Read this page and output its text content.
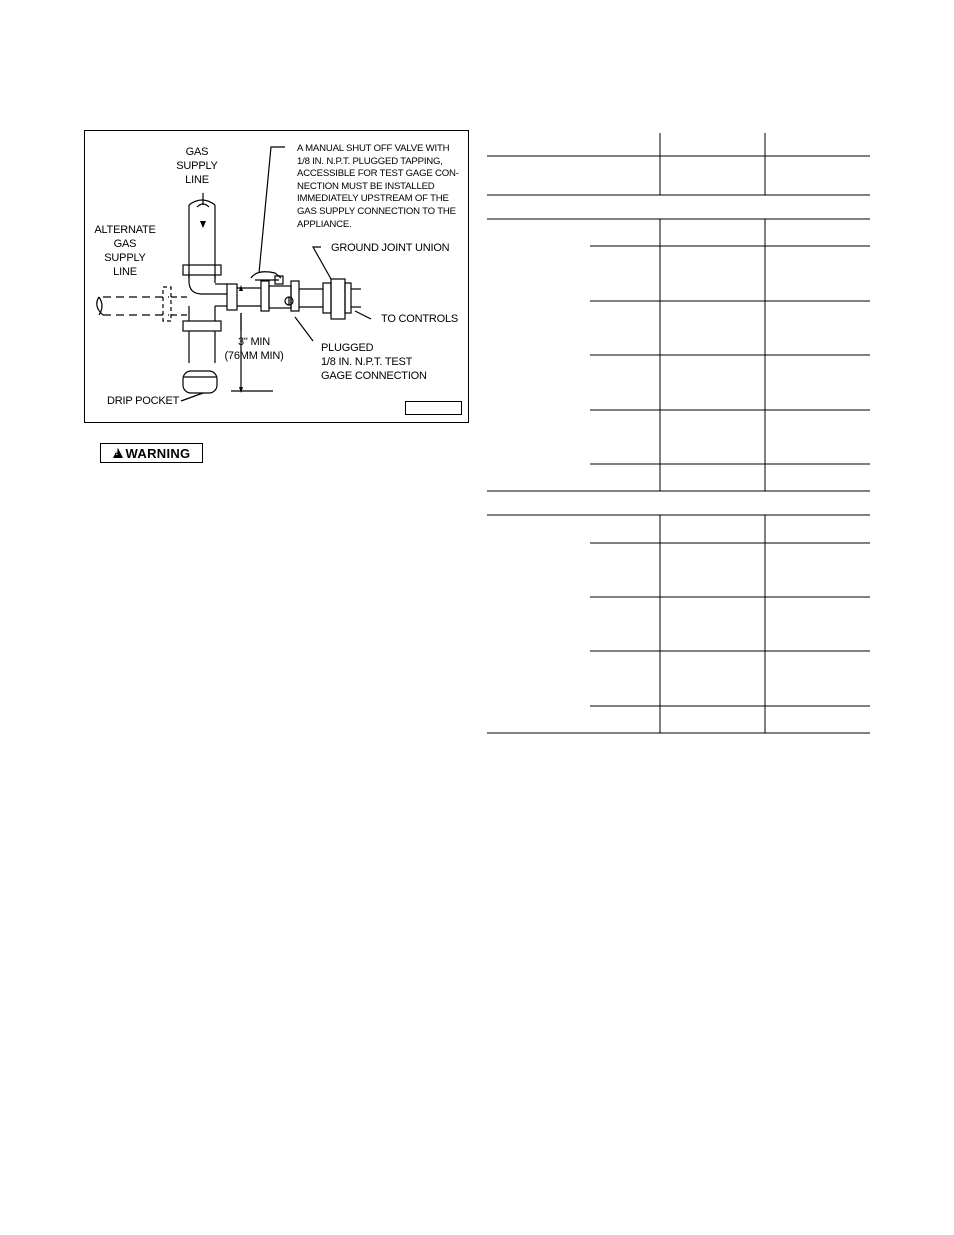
GAS
SUPPLY
LINE
ALTERNATE
GAS
SUPPLY
LINE
A MANUAL SHUT OFF VALVE WITH
1/8 IN. N.P.T. PLUGGED TAPPING,
ACCESSIBLE FOR TEST GAGE CON-
NECTION MUST BE INSTALLED
IMMEDIATELY UPSTREAM OF THE
GAS SUPPLY CONNECTION TO THE
APPLIANCE.
GROUND JOINT UNION
TO CONTROLS
3" MIN
(76MM MIN)
PLUGGED
1/8 IN. N.P.T. TEST
GAGE CONNECTION
DRIP POCKET
!
WARNING
